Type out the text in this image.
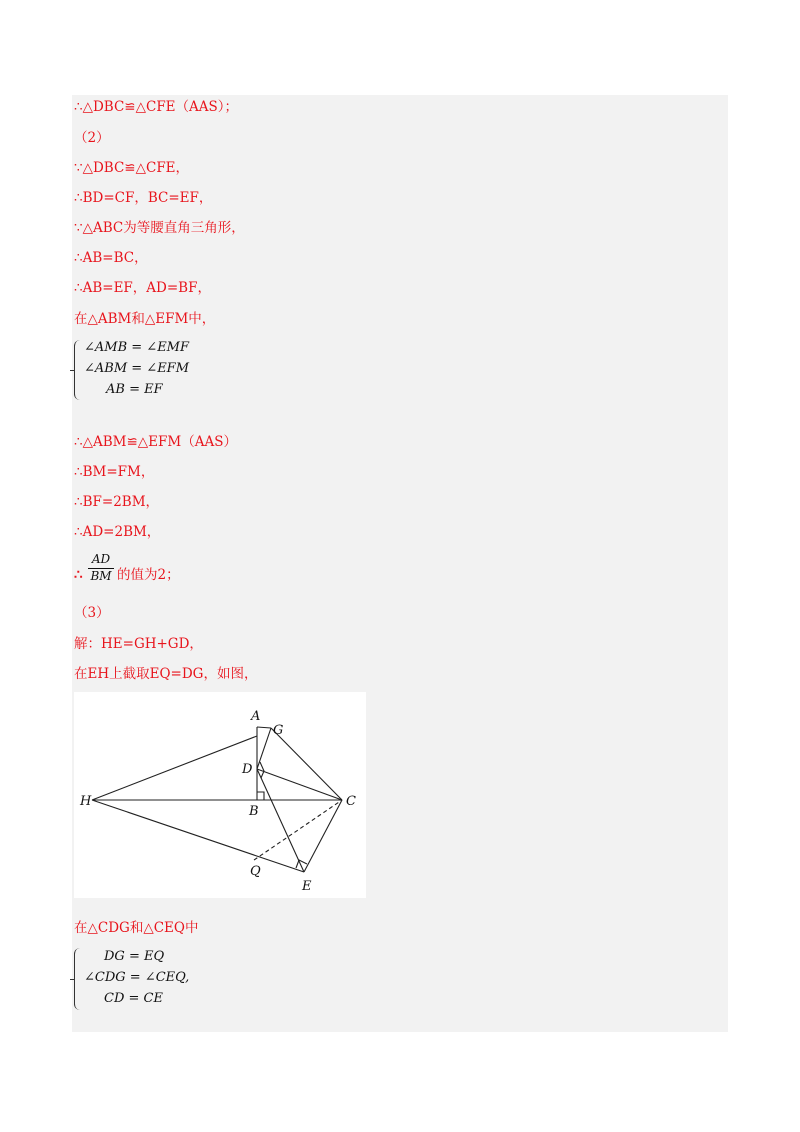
∴△DBC≌△CFE（AAS）；
（2）
∵△DBC≌△CFE，
∴BD=CF，BC=EF，
∵△ABC为等腰直角三角形，
∴AB=BC，
∴AB=EF，AD=BF，
在△ABM和△EFM中，
∠AMB = ∠EMF
∠ABM = ∠EFM
AB = EF
∴△ABM≌△EFM（AAS）
∴BM=FM，
∴BF=2BM，
∴AD=2BM，
∴ $\frac{AD}{BM}$ 的值为2；
（3）
解：HE=GH+GD，
在EH上截取EQ=DG，如图，
A
G
D
H
B
C
Q
E
在△CDG和△CEQ中
DG = EQ
∠CDG = ∠CEQ,
CD = CE
